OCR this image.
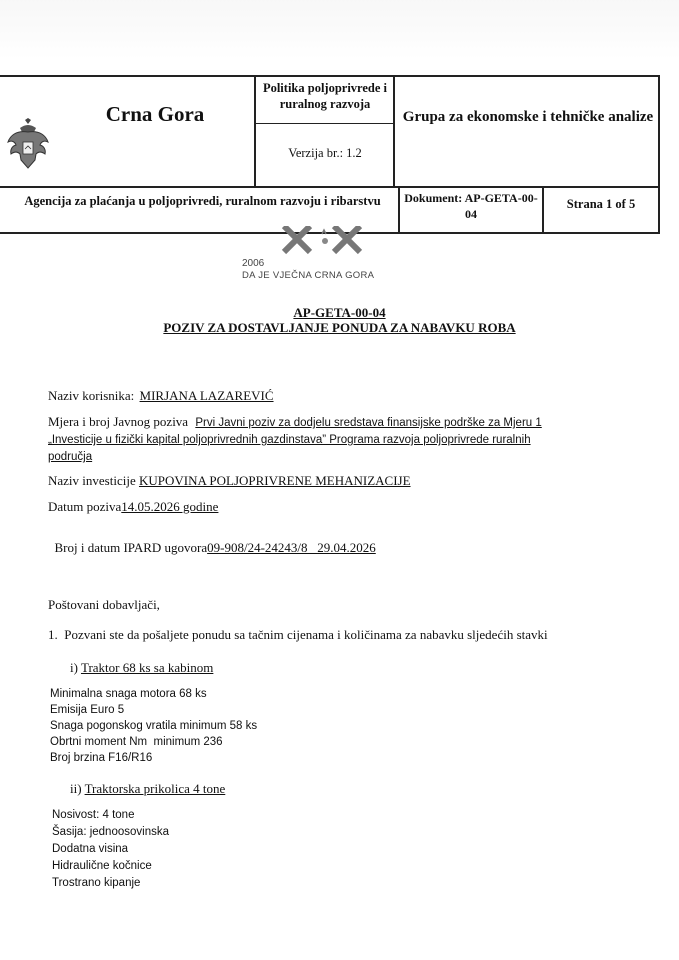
Crna Gora
Politika poljoprivrede i ruralnog razvoja
Verzija br.: 1.2
Grupa za ekonomske i tehničke analize
Agencija za plaćanja u poljoprivredi, ruralnom razvoju i ribarstvu	Dokument: AP-GETA-00-04
Strana 1 of 5
2006
DA JE VJEČNA CRNA GORA
AP-GETA-00-04
POZIV ZA DOSTAVLJANJE PONUDA ZA NABAVKU ROBA
Naziv korisnika: MIRJANA LAZAREVIĆ
Mjera i broj Javnog poziva Prvi Javni poziv za dodjelu sredstava finansijske podrške za Mjeru 1
„Investicije u fizički kapital poljoprivrednih gazdinstava” Programa razvoja poljoprivrede ruralnih
područja
Naziv investicije KUPOVINA POLJOPRIVRENE MEHANIZACIJE
Datum poziva14.05.2026 godine

Broj i datum IPARD ugovora09-908/24-24243/8   29.04.2026

Poštovani dobavljači,
1.  Pozvani ste da pošaljete ponudu sa tačnim cijenama i količinama za nabavku sljedećih stavki
i) Traktor 68 ks sa kabinom
Minimalna snaga motora 68 ks
Emisija Euro 5
Snaga pogonskog vratila minimum 58 ks
Obrtni moment Nm  minimum 236
Broj brzina F16/R16
ii) Traktorska prikolica 4 tone
Nosivost: 4 tone
Šasija: jednoosovinska
Dodatna visina
Hidraulične kočnice
Trostrano kipanje
